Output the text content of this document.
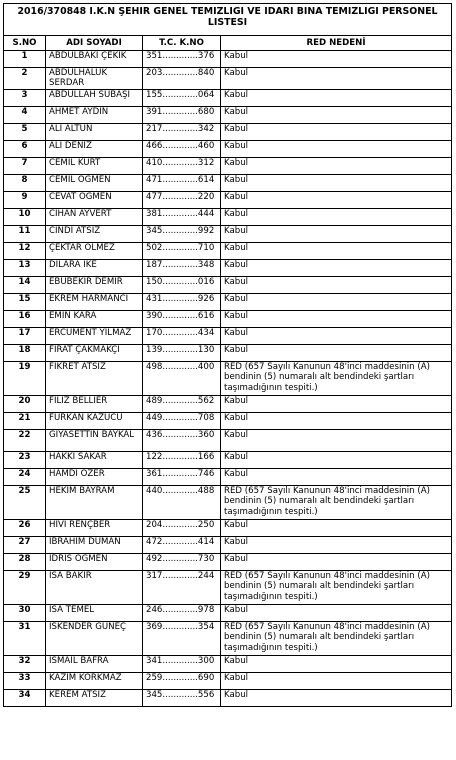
2016/370848 I.K.N ŞEHIR GENEL TEMIZLIGI VE IDARI BINA TEMIZLIGI PERSONEL LISTESI			
S.NO	ADI SOYADI	T.C. K.NO	RED NEDENİ
1	ABDULBAKİ ÇEKİK	351.............376	Kabul
2	ABDULHALUK SERDAR	203.............840	Kabul
3	ABDULLAH SUBAŞI	155.............064	Kabul
4	AHMET AYDIN	391.............680	Kabul
5	ALİ ALTUN	217.............342	Kabul
6	ALİ DENİZ	466.............460	Kabul
7	CEMİL KURT	410.............312	Kabul
8	CEMİL ÖĞMEN	471.............614	Kabul
9	CEVAT ÖĞMEN	477.............220	Kabul
10	CİHAN AYVERT	381.............444	Kabul
11	CİNDİ ATSIZ	345.............992	Kabul
12	ÇEKTAR ÖLMEZ	502.............710	Kabul
13	DİLARA İKE	187.............348	Kabul
14	EBUBEKİR DEMİR	150.............016	Kabul
15	EKREM HARMANCI	431.............926	Kabul
16	EMİN KARA	390.............616	Kabul
17	ERCÜMENT YILMAZ	170.............434	Kabul
18	FIRAT ÇAKMAKÇI	139.............130	Kabul
19	FİKRET ATSIZ	498.............400	RED (657 Sayılı Kanunun 48'inci maddesinin (A) bendinin (5) numaralı alt bendindeki şartları taşımadığının tespiti.)
20	FİLİZ BELLİER	489.............562	Kabul
21	FURKAN KAZUCU	449.............708	Kabul
22	GIYASETTİN BAYKAL	436.............360	Kabul
23	HAKKI SAKAR	122.............166	Kabul
24	HAMDİ ÖZER	361.............746	Kabul
25	HEKİM BAYRAM	440.............488	RED (657 Sayılı Kanunun 48'inci maddesinin (A) bendinin (5) numaralı alt bendindeki şartları taşımadığının tespiti.)
26	HİVİ RENÇBER	204.............250	Kabul
27	İBRAHİM DUMAN	472.............414	Kabul
28	İDRİS ÖĞMEN	492.............730	Kabul
29	İSA BAKIR	317.............244	RED (657 Sayılı Kanunun 48'inci maddesinin (A) bendinin (5) numaralı alt bendindeki şartları taşımadığının tespiti.)
30	İSA TEMEL	246.............978	Kabul
31	İSKENDER GÜNEÇ	369.............354	RED (657 Sayılı Kanunun 48'inci maddesinin (A) bendinin (5) numaralı alt bendindeki şartları taşımadığının tespiti.)
32	İSMAİL BAFRA	341.............300	Kabul
33	KAZIM KORKMAZ	259.............690	Kabul
34	KEREM ATSIZ	345.............556	Kabul
